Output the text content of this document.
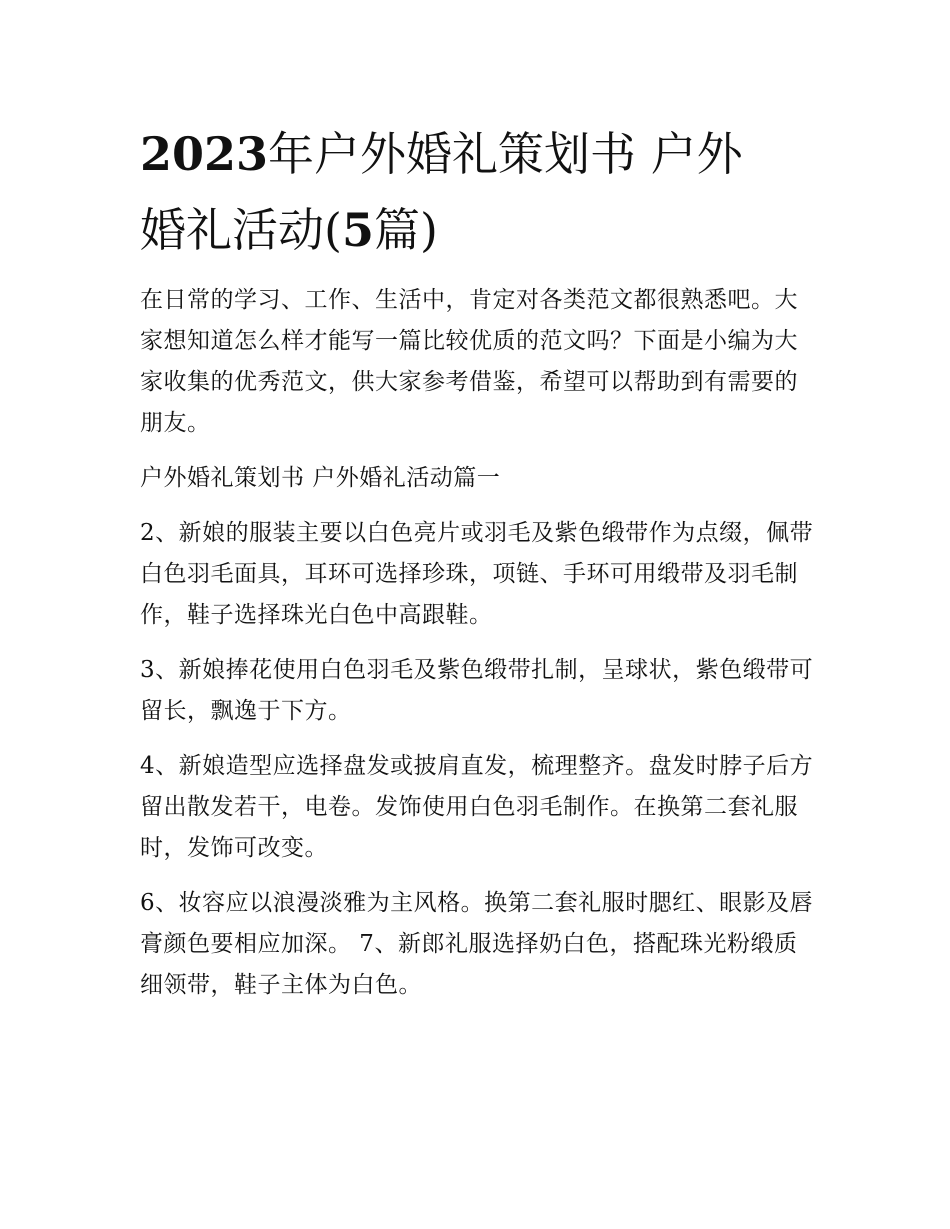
2023年户外婚礼策划书 户外
婚礼活动(5篇)

在日常的学习、工作、生活中，肯定对各类范文都很熟悉吧。大家想知道怎么样才能写一篇比较优质的范文吗？下面是小编为大家收集的优秀范文，供大家参考借鉴，希望可以帮助到有需要的朋友。

户外婚礼策划书 户外婚礼活动篇一

2、新娘的服装主要以白色亮片或羽毛及紫色缎带作为点缀，佩带白色羽毛面具，耳环可选择珍珠，项链、手环可用缎带及羽毛制作，鞋子选择珠光白色中高跟鞋。

3、新娘捧花使用白色羽毛及紫色缎带扎制，呈球状，紫色缎带可留长，飘逸于下方。

4、新娘造型应选择盘发或披肩直发，梳理整齐。盘发时脖子后方留出散发若干，电卷。发饰使用白色羽毛制作。在换第二套礼服时，发饰可改变。

6、妆容应以浪漫淡雅为主风格。换第二套礼服时腮红、眼影及唇膏颜色要相应加深。 7、新郎礼服选择奶白色，搭配珠光粉缎质细领带，鞋子主体为白色。
